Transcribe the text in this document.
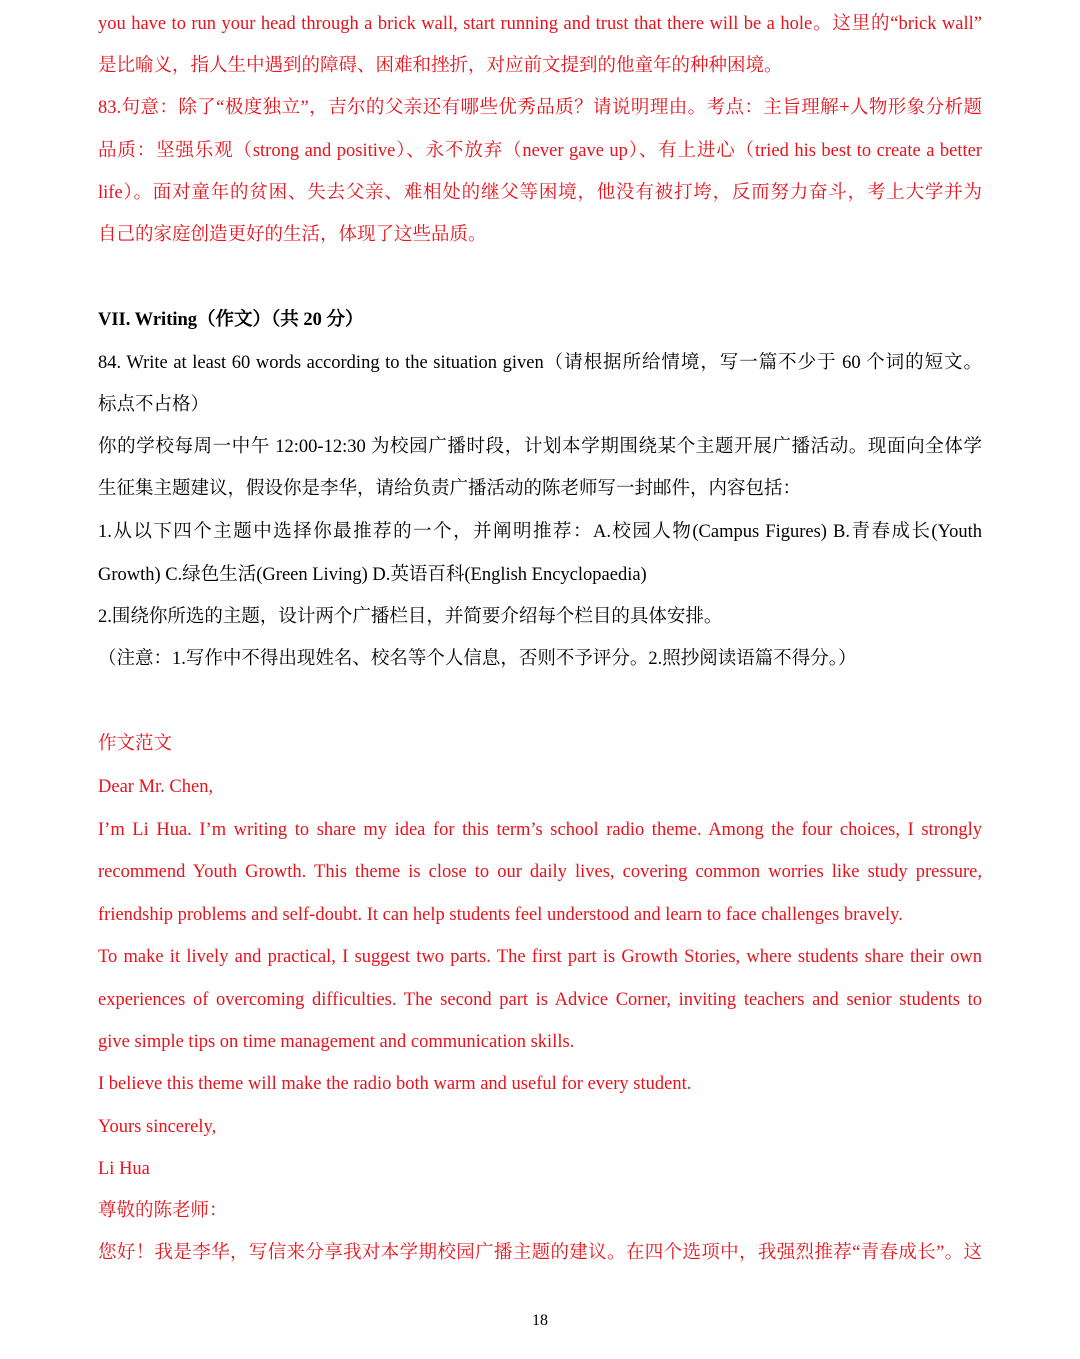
you have to run your head through a brick wall, start running and trust that there will be a hole。这里的“brick wall”
是比喻义，指人生中遇到的障碍、困难和挫折，对应前文提到的他童年的种种困境。
83.句意：除了“极度独立”，吉尔的父亲还有哪些优秀品质？请说明理由。考点：主旨理解+人物形象分析题
品质：坚强乐观（strong and positive）、永不放弃（never gave up）、有上进心（tried his best to create a better
life）。面对童年的贫困、失去父亲、难相处的继父等困境，他没有被打垮，反而努力奋斗，考上大学并为
自己的家庭创造更好的生活，体现了这些品质。
VII. Writing（作文）（共 20 分）
84. Write at least 60 words according to the situation given（请根据所给情境，写一篇不少于 60 个词的短文。
标点不占格）
你的学校每周一中午 12:00-12:30 为校园广播时段，计划本学期围绕某个主题开展广播活动。现面向全体学
生征集主题建议，假设你是李华，请给负责广播活动的陈老师写一封邮件，内容包括：
1.从以下四个主题中选择你最推荐的一个，并阐明推荐：A.校园人物(Campus Figures) B.青春成长(Youth
Growth) C.绿色生活(Green Living) D.英语百科(English Encyclopaedia)
2.围绕你所选的主题，设计两个广播栏目，并简要介绍每个栏目的具体安排。
（注意：1.写作中不得出现姓名、校名等个人信息，否则不予评分。2.照抄阅读语篇不得分。）
作文范文
Dear Mr. Chen,
I’m Li Hua. I’m writing to share my idea for this term’s school radio theme. Among the four choices, I strongly
recommend Youth Growth. This theme is close to our daily lives, covering common worries like study pressure,
friendship problems and self-doubt. It can help students feel understood and learn to face challenges bravely.
To make it lively and practical, I suggest two parts. The first part is Growth Stories, where students share their own
experiences of overcoming difficulties. The second part is Advice Corner, inviting teachers and senior students to
give simple tips on time management and communication skills.
I believe this theme will make the radio both warm and useful for every student.
Yours sincerely,
Li Hua
尊敬的陈老师：
您好！我是李华，写信来分享我对本学期校园广播主题的建议。在四个选项中，我强烈推荐“青春成长”。这
18
